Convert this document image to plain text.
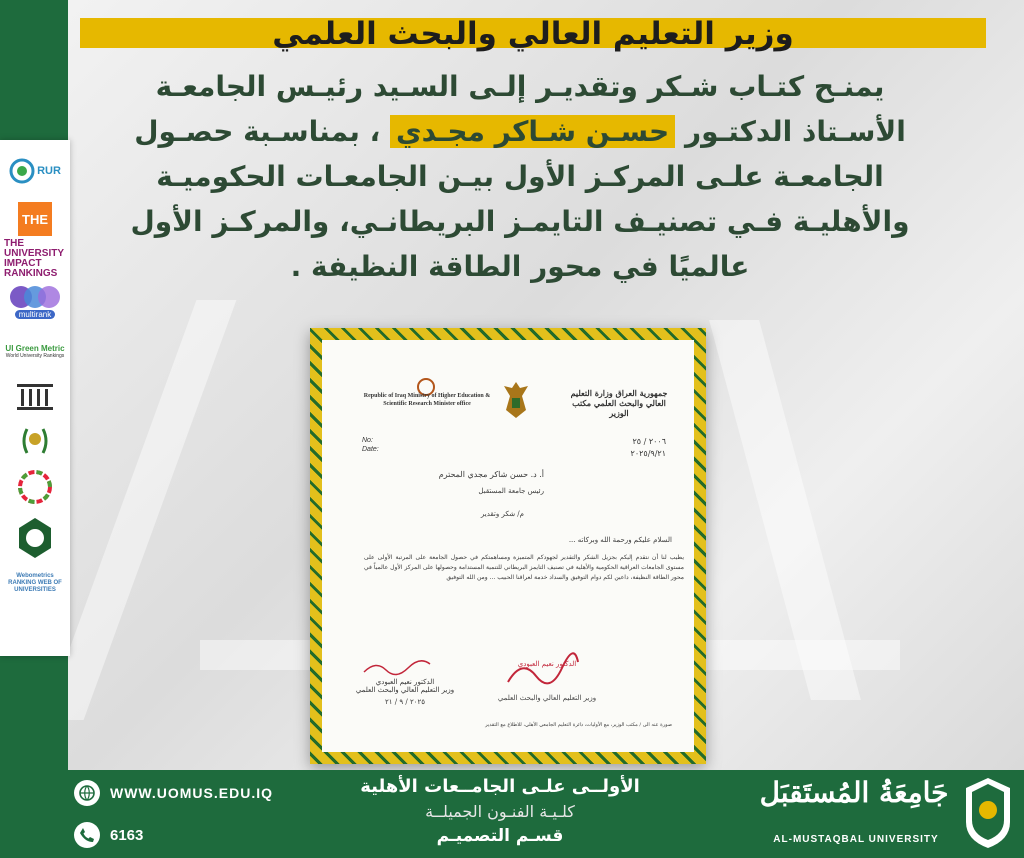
RUR
THE
THE UNIVERSITY IMPACT RANKINGS
multirank
UI Green Metric
World University Rankings
Webometrics RANKING WEB OF UNIVERSITIES
وزير التعليم العالي والبحث العلمي
يمنـح كتـاب شـكر وتقديـر إلـى السـيد رئيـس الجامعـة
الأسـتاذ الدكتـور حسـن شـاكر مجـدي ، بمناسـبة حصـول
الجامعـة علـى المركـز الأول بيـن الجامعـات الحكوميـة
والأهليـة فـي تصنيـف التايمـز البريطانـي، والمركـز الأول
عالميًا في محور الطاقة النظيفة .
Republic of Iraq Ministry of Higher Education & Scientific Research Minister office
جمهورية العراق وزارة التعليم العالي والبحث العلمي مكتب الوزير
No:
Date:
٢٠٠٦ / ٢٥
٢٠٢٥/٩/٢١
أ. د. حسن شاكر مجدي المحترم
رئيس جامعة المستقبل
م/ شكر وتقدير
السلام عليكم ورحمة الله وبركاته ...
يطيب لنا أن نتقدم إليكم بجزيل الشكر والتقدير لجهودكم المتميزة ومساهمتكم في حصول الجامعة على المرتبة الأولى على مستوى الجامعات العراقية الحكومية والأهلية في تصنيف التايمز البريطاني للتنمية المستدامة وحصولها على المركز الأول عالمياً في محور الطاقة النظيفة، داعين لكم دوام التوفيق والسداد خدمة لعراقنا الحبيب ... ومن الله التوفيق
الدكتور نعيم العبودي
وزير التعليم العالي والبحث العلمي
٢٠٢٥ / ٩ / ٢١
الدكتور نعيم العبودي
وزير التعليم العالي والبحث العلمي
صورة عنه الى / مكتب الوزير، مع الأوليات، دائرة التعليم الجامعي الأهلي، للاطلاع مع التقدير
WWW.UOMUS.EDU.IQ
6163
الأولــى علـى الجامــعات الأهلية
كلـيـة الفنـون الجميلــة
قسـم التصميـم
جَامِعَةُ المُستَقبَل
AL-MUSTAQBAL UNIVERSITY
